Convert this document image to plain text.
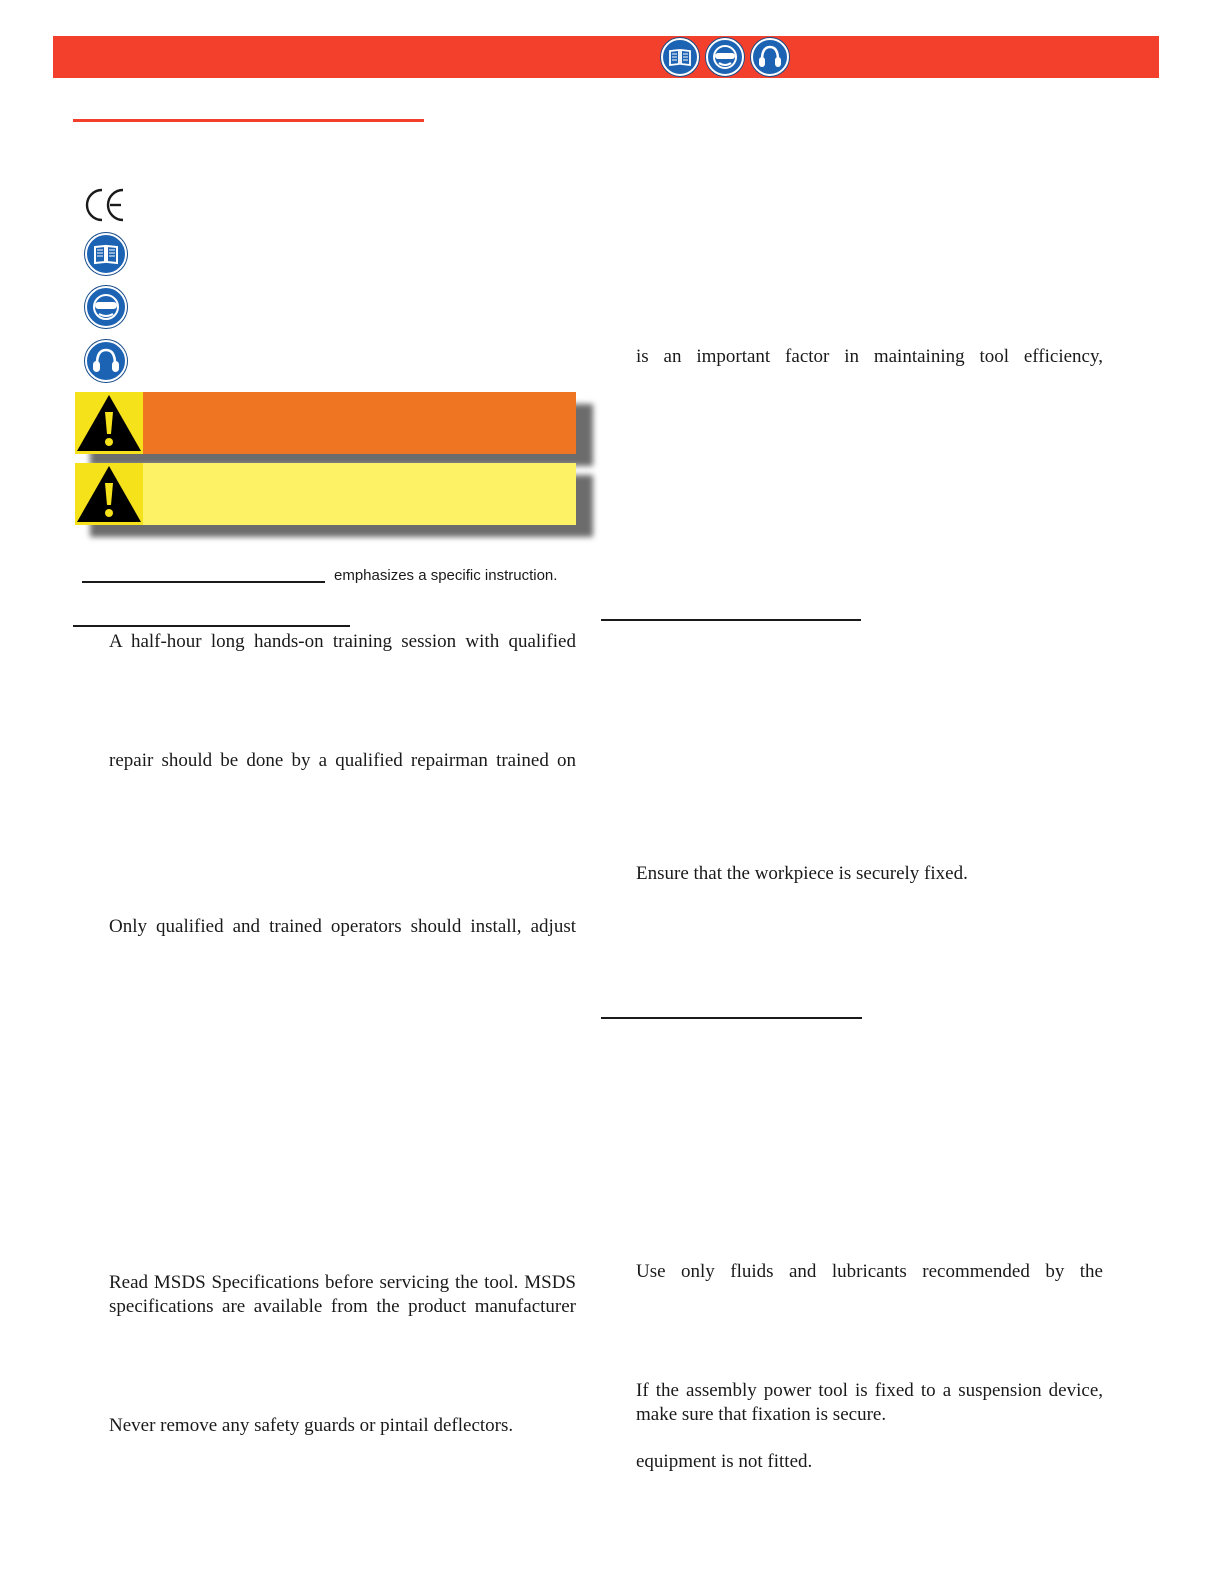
emphasizes a specific instruction.
A half-hour long hands-on training session with qualified
repair should be done by a qualified repairman trained on
Only qualified and trained operators should install, adjust
Read MSDS Specifications before servicing the tool. MSDS
specifications are available from the product manufacturer
Never remove any safety guards or pintail deflectors.
is an important factor in maintaining tool efficiency,
Ensure that the workpiece is securely fixed.
Use only fluids and lubricants recommended by the
If the assembly power tool is fixed to a suspension device,
make sure that fixation is secure.
equipment is not fitted.
